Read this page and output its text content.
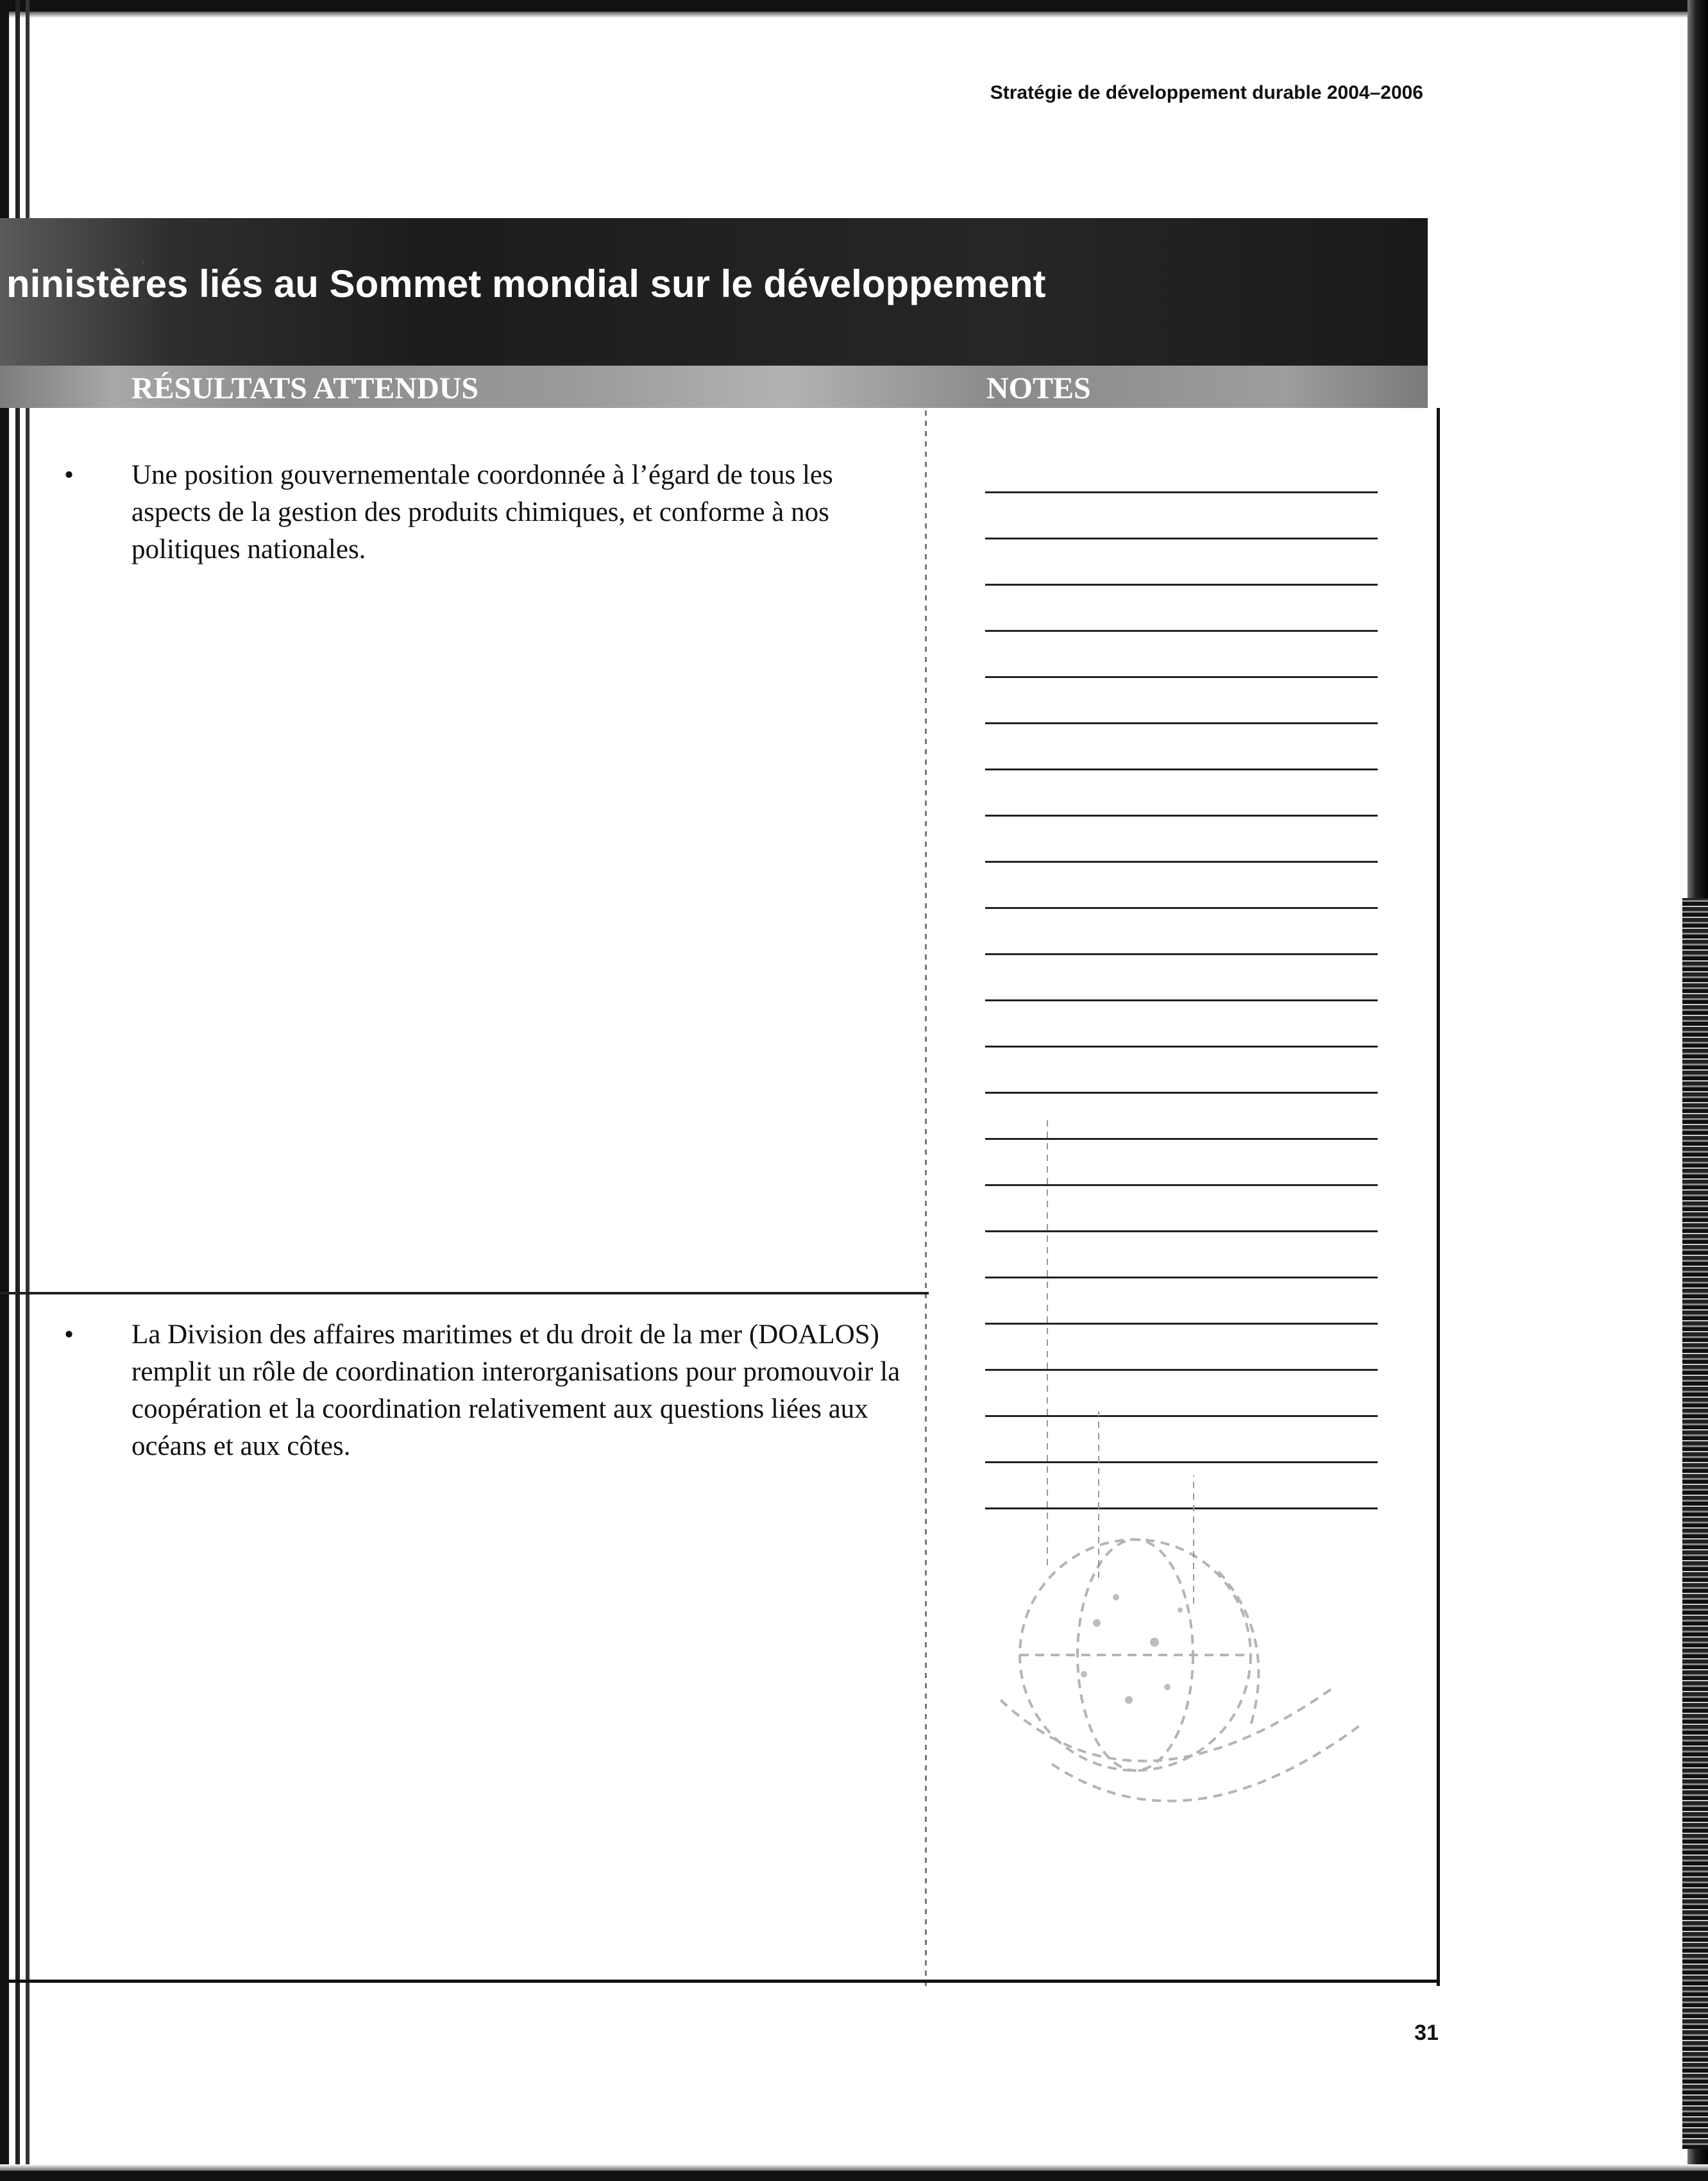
Stratégie de développement durable 2004–2006
ninistères liés au Sommet mondial sur le développement
RÉSULTATS ATTENDUS	NOTES
• Une position gouvernementale coordonnée à l’égard de tous les aspects de la gestion des produits chimiques, et conforme à nos politiques nationales.
• La Division des affaires maritimes et du droit de la mer (DOALOS) remplit un rôle de coordination interorganisations pour promouvoir la coopération et la coordination relativement aux questions liées aux océans et aux côtes.
31
